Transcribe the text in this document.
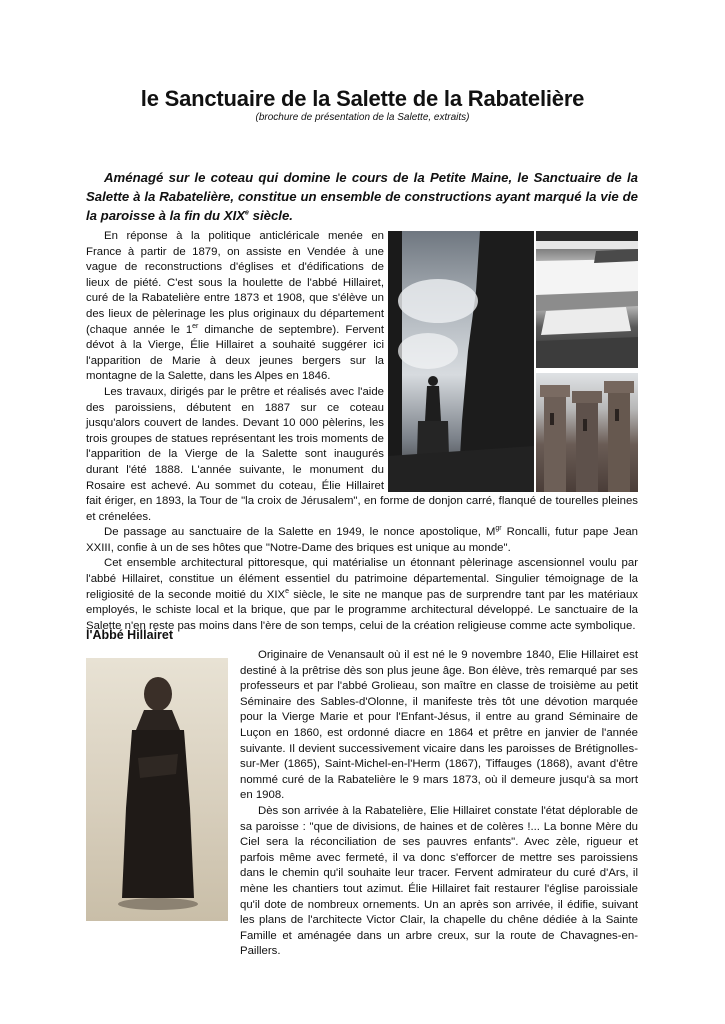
le Sanctuaire de la Salette de la Rabatelière
(brochure de présentation de la Salette, extraits)

Aménagé sur le coteau qui domine le cours de la Petite Maine, le Sanctuaire de la Salette à la Rabatelière, constitue un ensemble de constructions ayant marqué la vie de la paroisse à la fin du XIXe siècle.

En réponse à la politique anticléricale menée en France à partir de 1879, on assiste en Vendée à une vague de reconstructions d'églises et d'édifications de lieux de piété. C'est sous la houlette de l'abbé Hillairet, curé de la Rabatelière entre 1873 et 1908, que s'élève un des lieux de pèlerinage les plus originaux du département (chaque année le 1er dimanche de septembre). Fervent dévot à la Vierge, Élie Hillairet a souhaité suggérer ici l'apparition de Marie à deux jeunes bergers sur la montagne de la Salette, dans les Alpes en 1846.

Les travaux, dirigés par le prêtre et réalisés avec l'aide des paroissiens, débutent en 1887 sur ce coteau jusqu'alors couvert de landes. Devant 10 000 pèlerins, les trois groupes de statues représentant les trois moments de l'apparition de la Vierge de la Salette sont inaugurés durant l'été 1888. L'année suivante, le monument du Rosaire est achevé. Au sommet du coteau, Élie Hillairet fait ériger, en 1893, la Tour de "la croix de Jérusalem", en forme de donjon carré, flanqué de tourelles pleines et crénelées.

De passage au sanctuaire de la Salette en 1949, le nonce apostolique, $M^{gr}$ Roncalli, futur pape Jean XXIII, confie à un de ses hôtes que "Notre-Dame des briques est unique au monde".

Cet ensemble architectural pittoresque, qui matérialise un étonnant pèlerinage ascensionnel voulu par l'abbé Hillairet, constitue un élément essentiel du patrimoine départemental. Singulier témoignage de la religiosité de la seconde moitié du XIXe siècle, le site ne manque pas de surprendre tant par les matériaux employés, le schiste local et la brique, que par le programme architectural développé. Le sanctuaire de la Salette n'en reste pas moins dans l'ère de son temps, celui de la création religieuse comme acte symbolique.

l'Abbé Hillairet

Originaire de Venansault où il est né le 9 novembre 1840, Elie Hillairet est destiné à la prêtrise dès son plus jeune âge. Bon élève, très remarqué par ses professeurs et par l'abbé Grolieau, son maître en classe de troisième au petit Séminaire des Sables-d'Olonne, il manifeste très tôt une dévotion marquée pour la Vierge Marie et pour l'Enfant-Jésus, il entre au grand Séminaire de Luçon en 1860, est ordonné diacre en 1864 et prêtre en janvier de l'année suivante. Il devient successivement vicaire dans les paroisses de Brétignolles-sur-Mer (1865), Saint-Michel-en-l'Herm (1867), Tiffauges (1868), avant d'être nommé curé de la Rabatelière le 9 mars 1873, où il demeure jusqu'à sa mort en 1908.

Dès son arrivée à la Rabatelière, Elie Hillairet constate l'état déplorable de sa paroisse : "que de divisions, de haines et de colères !... La bonne Mère du Ciel sera la réconciliation de ses pauvres enfants". Avec zèle, rigueur et parfois même avec fermeté, il va donc s'efforcer de mettre ses paroissiens dans le chemin qu'il souhaite leur tracer. Fervent admirateur du curé d'Ars, il mène les chantiers tout azimut. Élie Hillairet fait restaurer l'église paroissiale qu'il dote de nombreux ornements. Un an après son arrivée, il édifie, suivant les plans de l'architecte Victor Clair, la chapelle du chêne dédiée à la Sainte Famille et aménagée dans un arbre creux, sur la route de Chavagnes-en-Paillers.
